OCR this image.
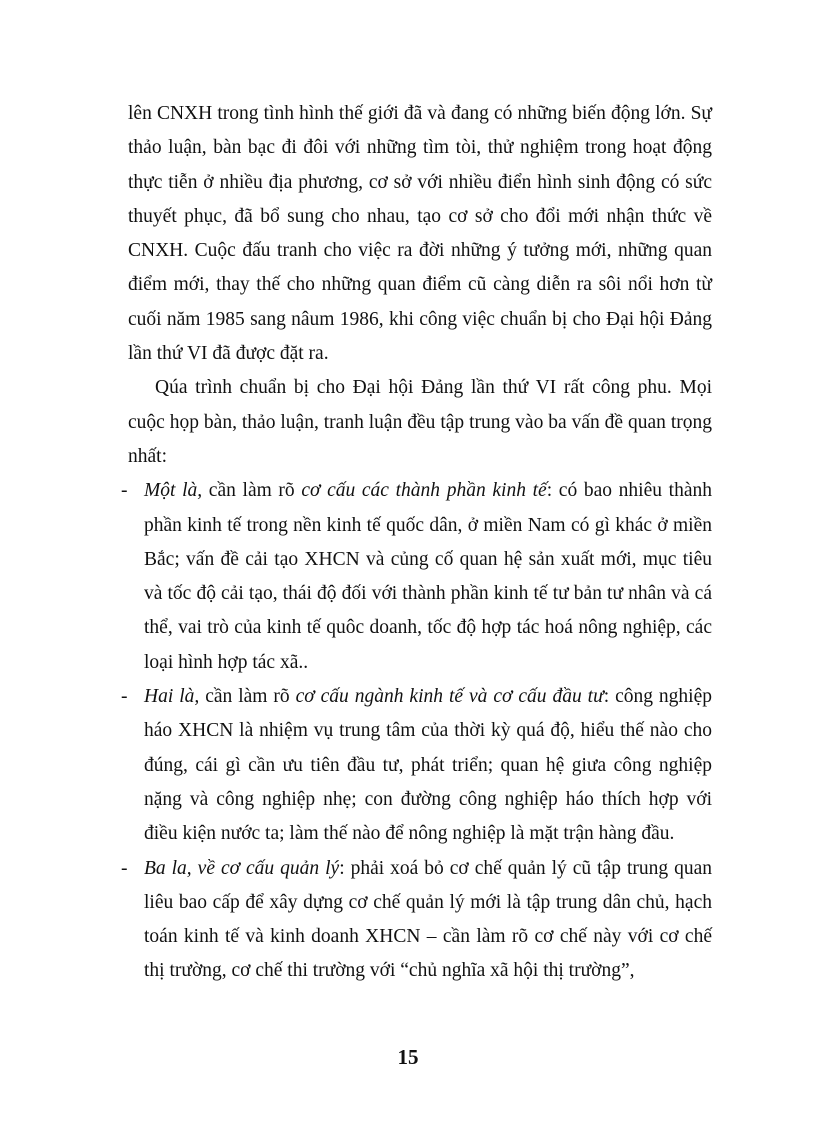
lên CNXH trong tình hình thế giới đã và đang có những biến động lớn. Sự thảo luận, bàn bạc đi đôi với những tìm tòi, thử nghiệm trong hoạt động thực tiễn ở nhiều địa phương, cơ sở với nhiều điển hình sinh động có sức thuyết phục, đã bổ sung cho nhau, tạo cơ sở cho đổi mới nhận thức về CNXH. Cuộc đấu tranh cho việc ra đời những ý tưởng mới, những quan điểm mới, thay thế cho những quan điểm cũ càng diễn ra sôi nổi hơn từ cuối năm 1985 sang nâum 1986, khi công việc chuẩn bị cho Đại hội Đảng lần thứ VI đã được đặt ra.

Qúa trình chuẩn bị cho Đại hội Đảng lần thứ VI rất công phu. Mọi cuộc họp bàn, thảo luận, tranh luận đều tập trung vào ba vấn đề quan trọng nhất:

- Một là, cần làm rõ cơ cấu các thành phần kinh tế: có bao nhiêu thành phần kinh tế trong nền kinh tế quốc dân, ở miền Nam có gì khác ở miền Bắc; vấn đề cải tạo XHCN và củng cố quan hệ sản xuất mới, mục tiêu và tốc độ cải tạo, thái độ đối với thành phần kinh tế tư bản tư nhân và cá thể, vai trò của kinh tế quôc doanh, tốc độ hợp tác hoá nông nghiệp, các loại hình hợp tác xã..
- Hai là, cần làm rõ cơ cấu ngành kinh tế và cơ cấu đầu tư: công nghiệp háo XHCN là nhiệm vụ trung tâm của thời kỳ quá độ, hiểu thế nào cho đúng, cái gì cần ưu tiên đầu tư, phát triển; quan hệ giưa công nghiệp nặng và công nghiệp nhẹ; con đường công nghiệp háo thích hợp với điều kiện nước ta; làm thế nào để nông nghiệp là mặt trận hàng đầu.
- Ba la, về cơ cấu quản lý: phải xoá bỏ cơ chế quản lý cũ tập trung quan liêu bao cấp để xây dựng cơ chế quản lý mới là tập trung dân chủ, hạch toán kinh tế và kinh doanh XHCN – cần làm rõ cơ chế này với cơ chế thị trường, cơ chế thi trường với “chủ nghĩa xã hội thị trường”,
15
